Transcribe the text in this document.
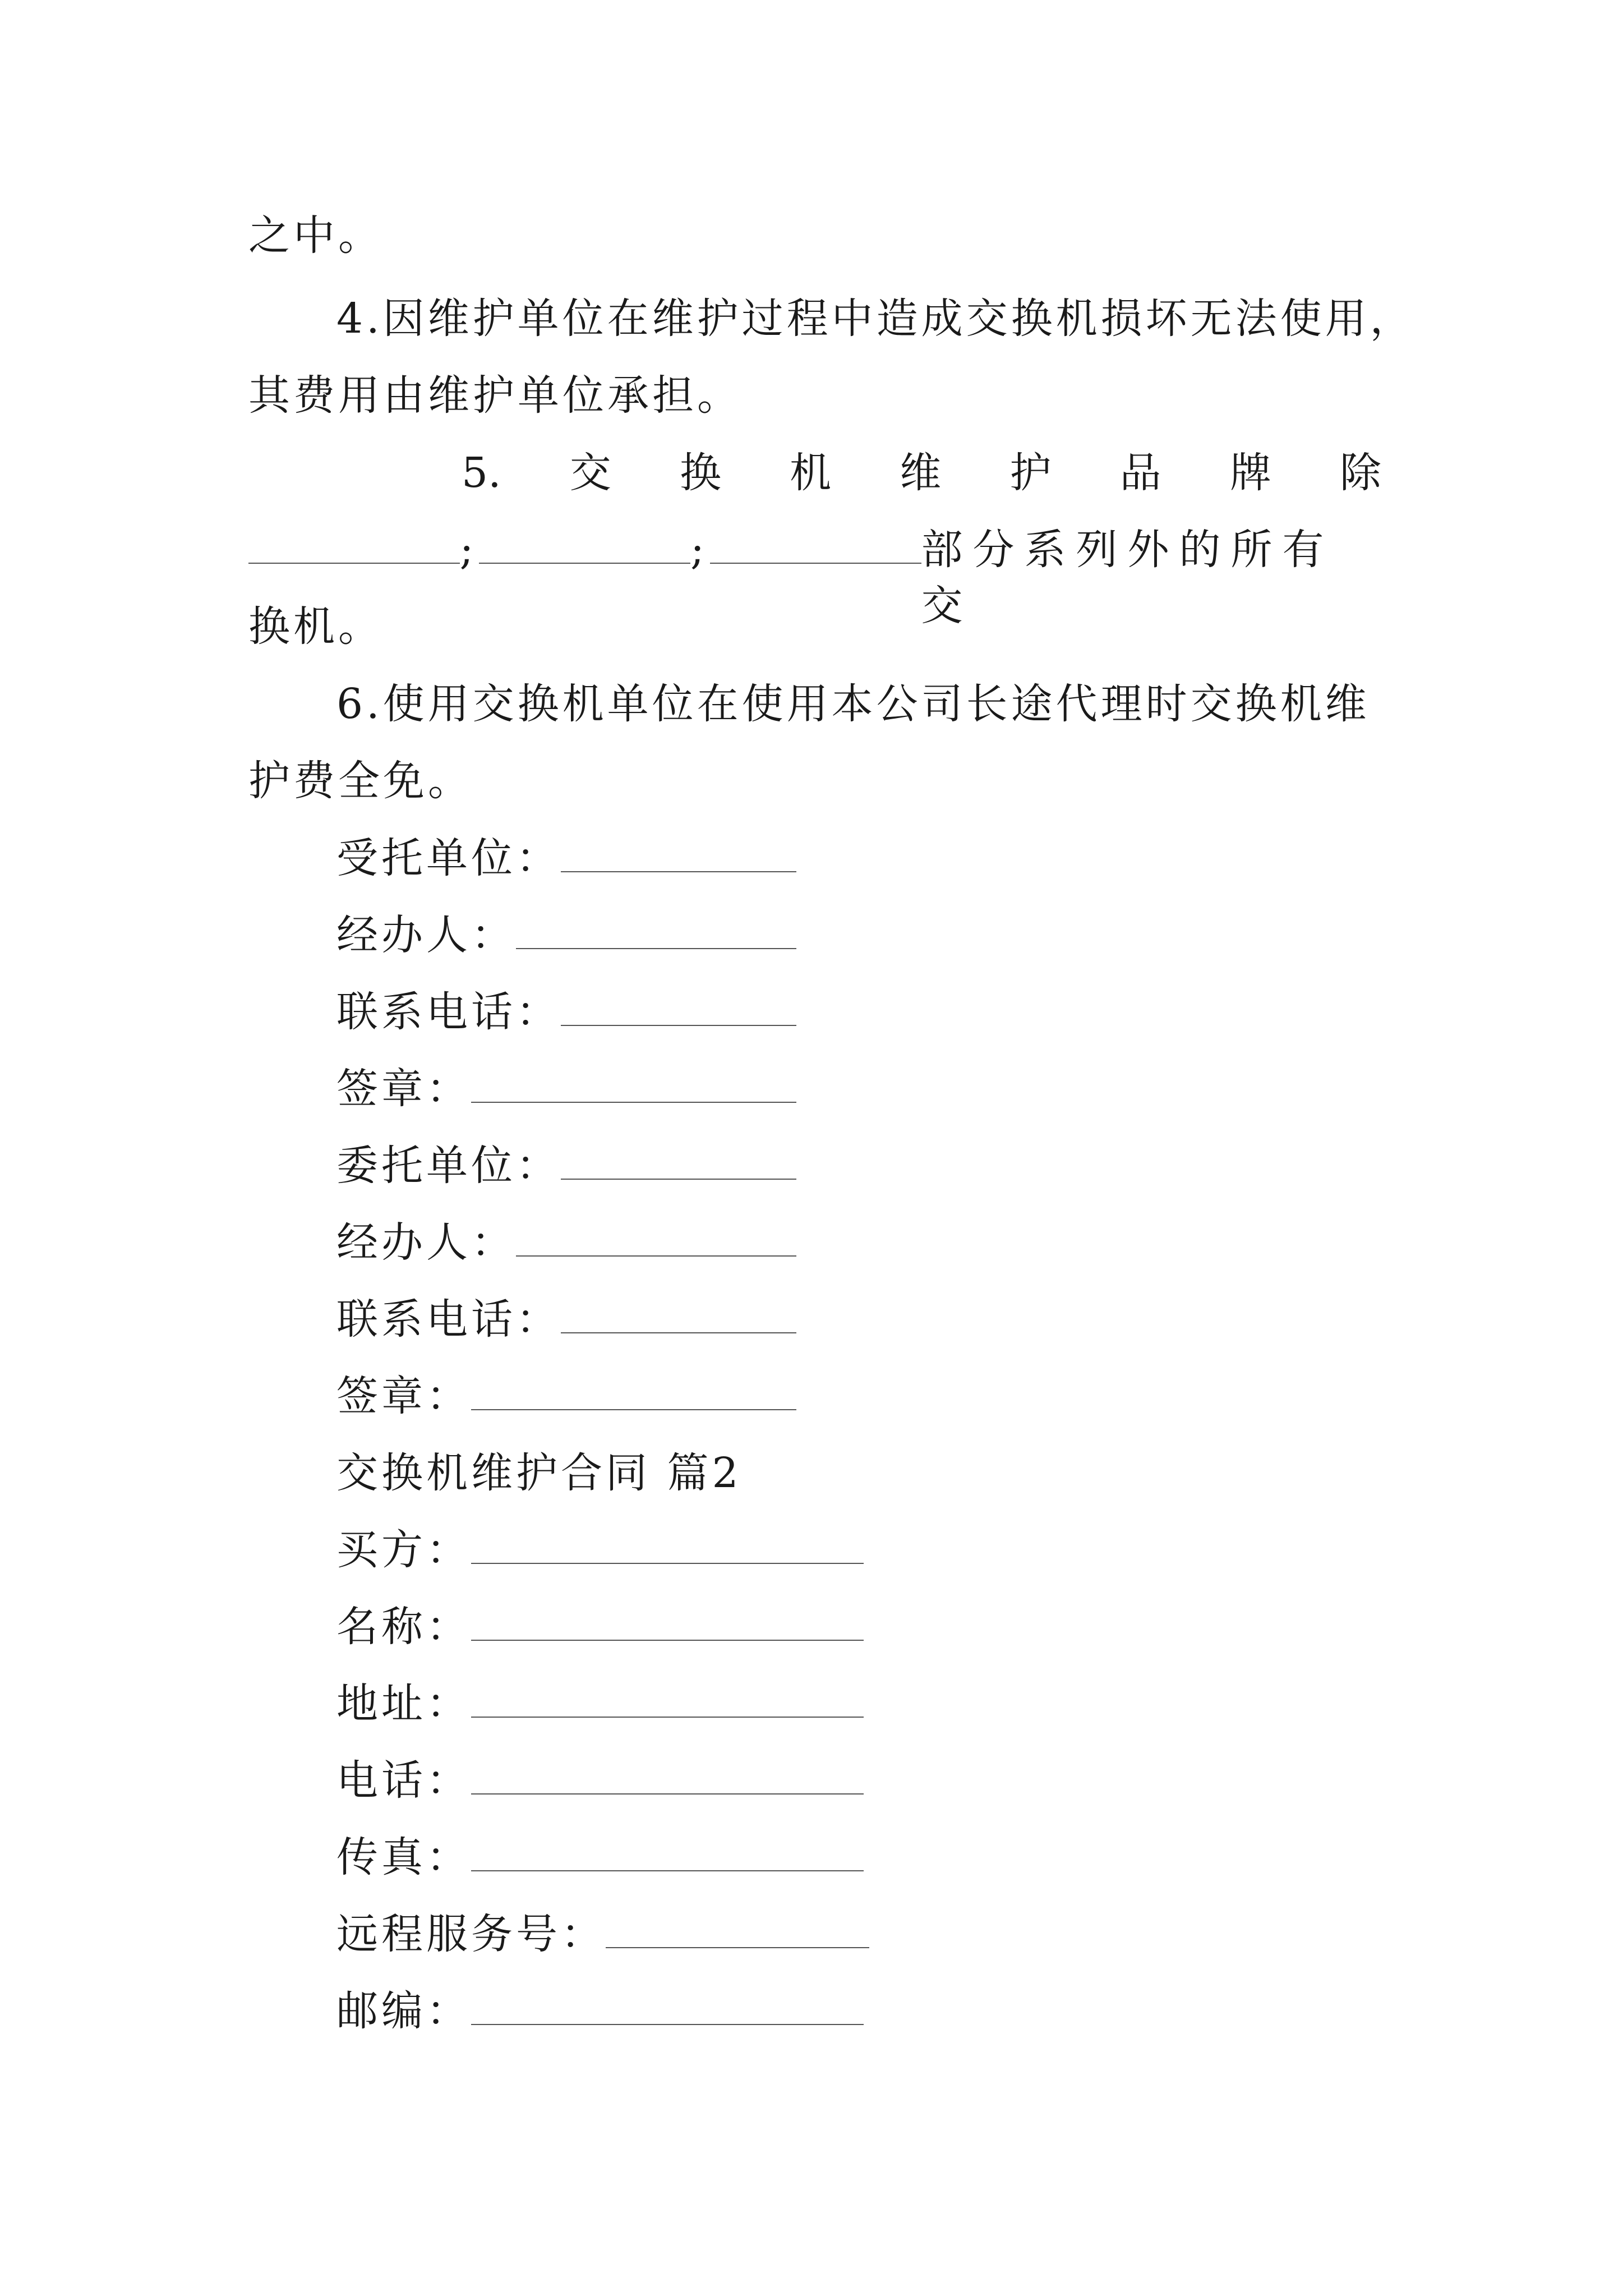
之中。
4.因维护单位在维护过程中造成交换机损坏无法使用，
其费用由维护单位承担。
5. 交 换 机 维 护 品 牌 除
;	;	部分系列外的所有交
换机。
6.使用交换机单位在使用本公司长途代理时交换机维
护费全免。
受托单位：
经办人：
联系电话：
签章：
委托单位：
经办人：
联系电话：
签章：
交换机维护合同 篇2
买方：
名称：
地址：
电话：
传真：
远程服务号：
邮编：
